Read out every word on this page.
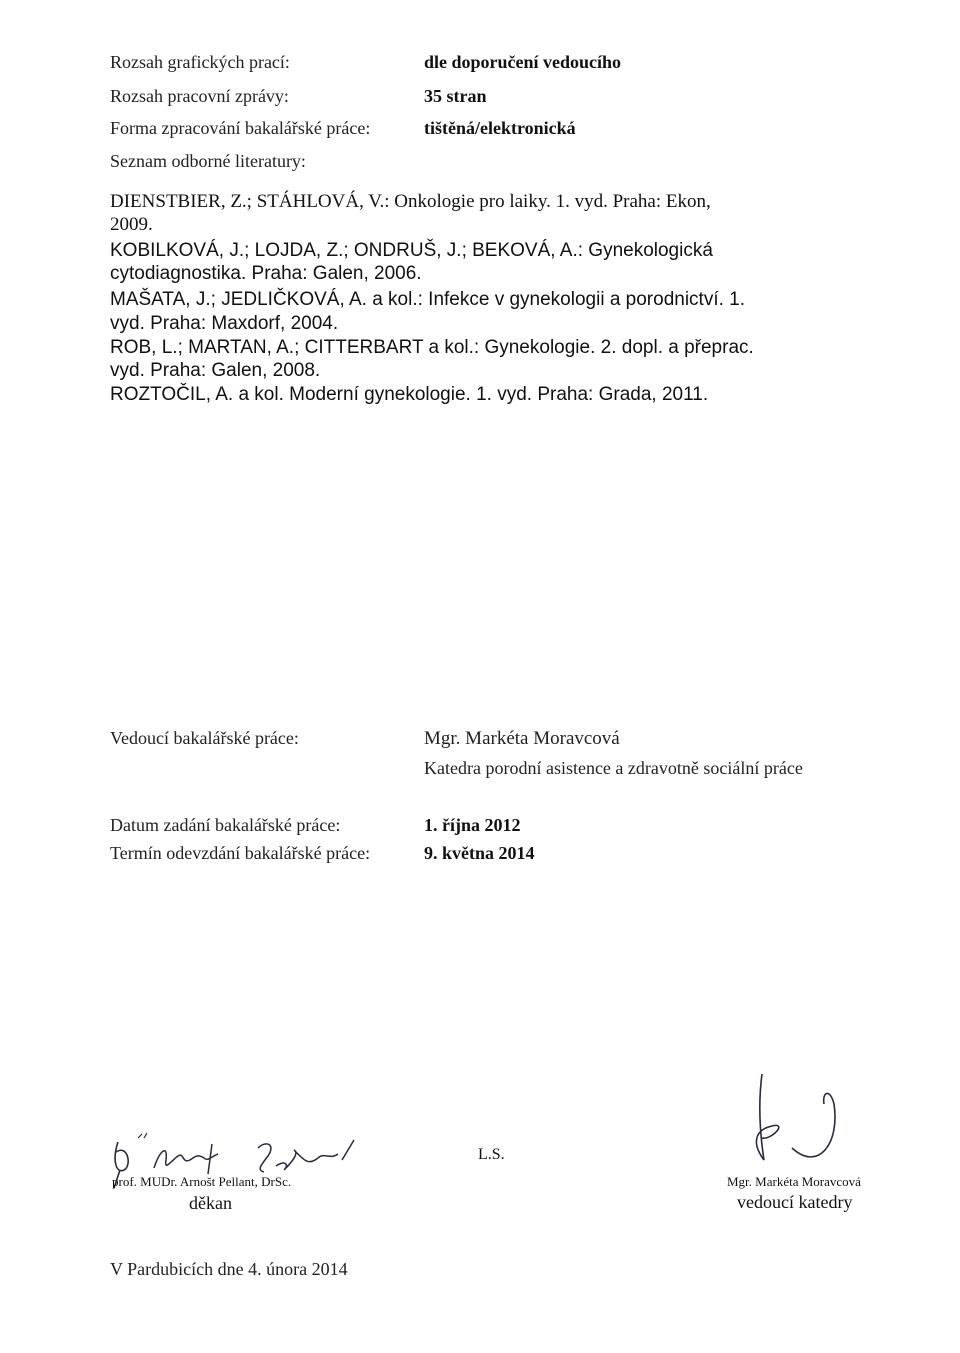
Rozsah grafických prací:	dle doporučení vedoucího
Rozsah pracovní zprávy:	35 stran
Forma zpracování bakalářské práce:	tištěná/elektronická
Seznam odborné literatury:
DIENSTBIER, Z.; STÁHLOVÁ, V.: Onkologie pro laiky. 1. vyd. Praha: Ekon,
2009.
KOBILKOVÁ, J.; LOJDA, Z.; ONDRUŠ, J.; BEKOVÁ, A.: Gynekologická
cytodiagnostika. Praha: Galen, 2006.
MAŠATA, J.; JEDLIČKOVÁ, A. a kol.: Infekce v gynekologii a porodnictví. 1.
vyd. Praha: Maxdorf, 2004.
ROB, L.; MARTAN, A.; CITTERBART a kol.: Gynekologie. 2. dopl. a přeprac.
vyd. Praha: Galen, 2008.
ROZTOČIL, A. a kol. Moderní gynekologie. 1. vyd. Praha: Grada, 2011.
Vedoucí bakalářské práce:	Mgr. Markéta Moravcová
Katedra porodní asistence a zdravotně sociální práce
Datum zadání bakalářské práce:	1. října 2012
Termín odevzdání bakalářské práce:	9. května 2014
prof. MUDr. Arnošt Pellant, DrSc.
děkan
L.S.
Mgr. Markéta Moravcová
vedoucí katedry
V Pardubicích dne 4. února 2014
